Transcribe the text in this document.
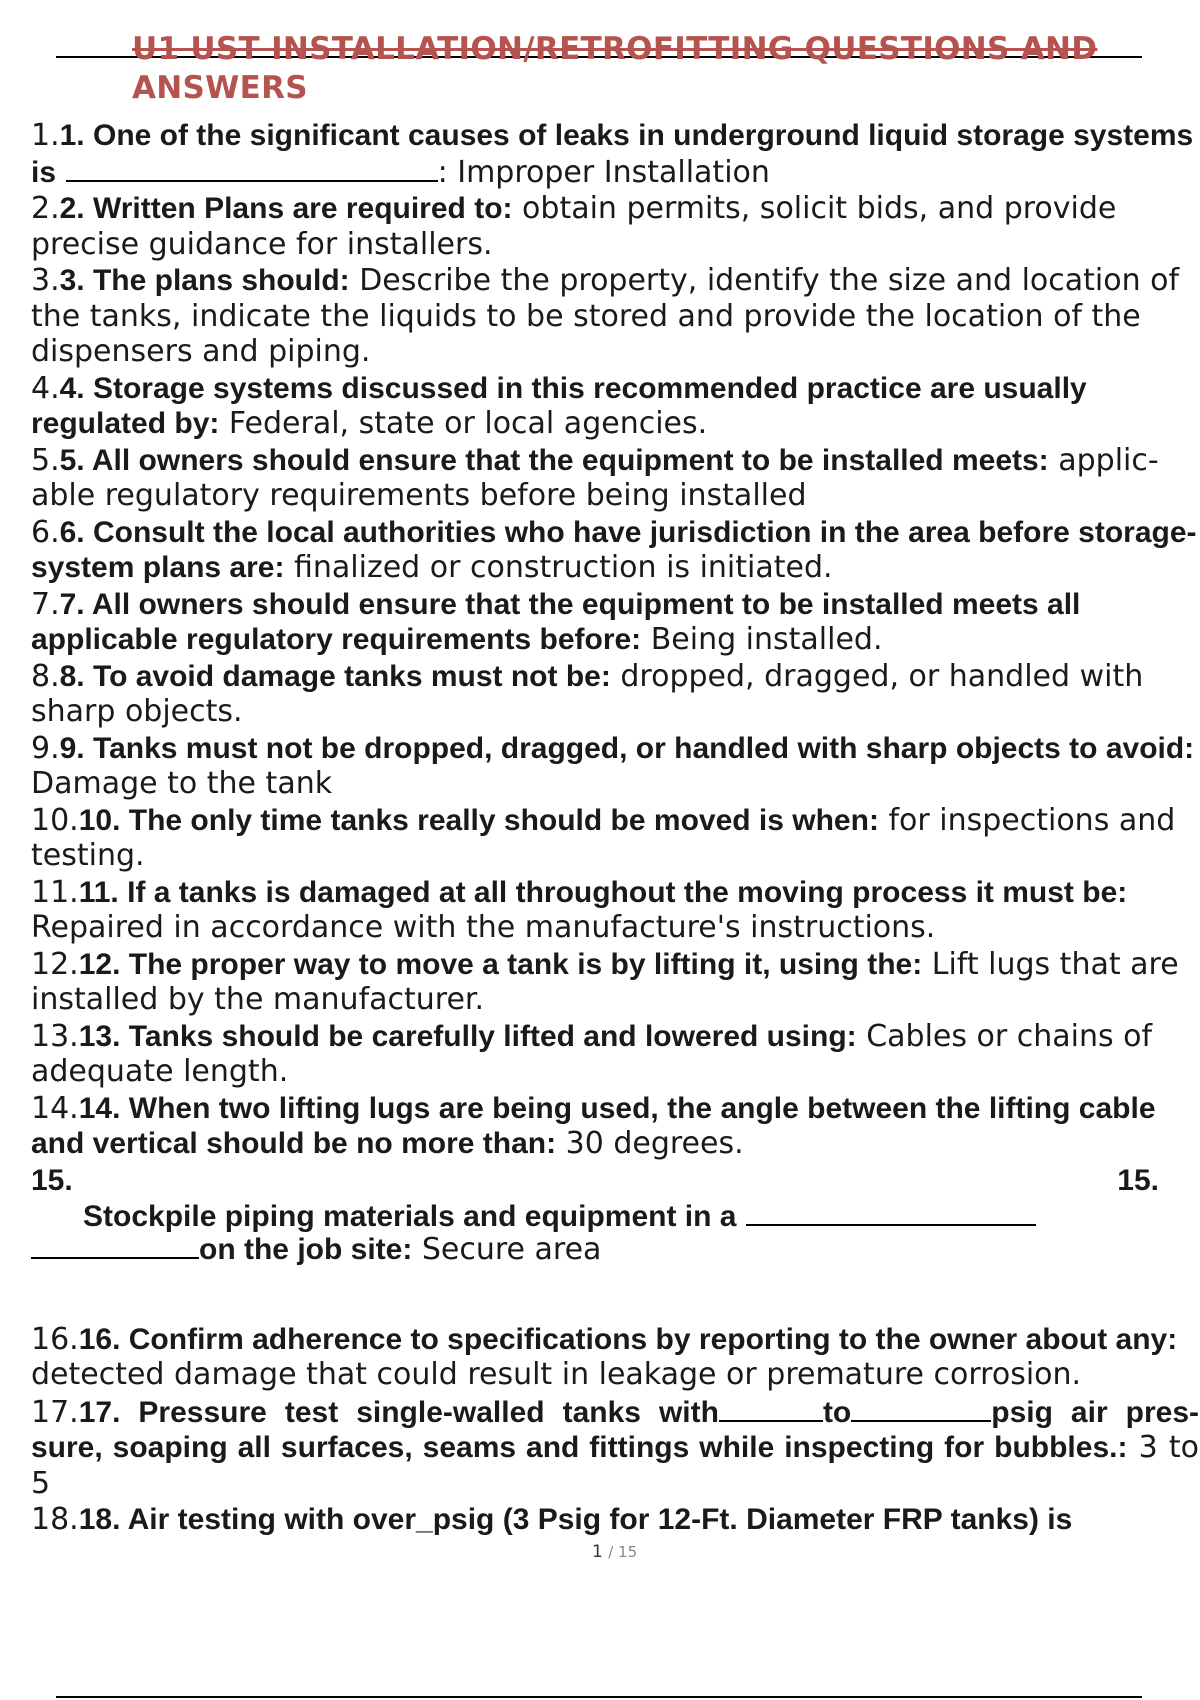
U1 UST INSTALLATION/RETROFITTING QUESTIONS AND
ANSWERS
1.1. One of the significant causes of leaks in underground liquid storage systems is	: Improper Installation
2.2. Written Plans are required to: obtain permits, solicit bids, and provide precise guidance for installers.
3.3. The plans should: Describe the property, identify the size and location of the tanks, indicate the liquids to be stored and provide the location of the dispensers and piping.
4.4. Storage systems discussed in this recommended practice are usually regulated by: Federal, state or local agencies.
5.5. All owners should ensure that the equipment to be installed meets: applic- able regulatory requirements before being installed
6.6. Consult the local authorities who have jurisdiction in the area before storage-system plans are: finalized or construction is initiated.
7.7. All owners should ensure that the equipment to be installed meets all applicable regulatory requirements before: Being installed.
8.8. To avoid damage tanks must not be: dropped, dragged, or handled with sharp objects.
9.9. Tanks must not be dropped, dragged, or handled with sharp objects to avoid: Damage to the tank
10.10. The only time tanks really should be moved is when: for inspections and testing.
11.11. If a tanks is damaged at all throughout the moving process it must be: Repaired in accordance with the manufacture's instructions.
12.12. The proper way to move a tank is by lifting it, using the: Lift lugs that are installed by the manufacturer.
13.13. Tanks should be carefully lifted and lowered using: Cables or chains of adequate length.
14.14. When two lifting lugs are being used, the angle between the lifting cable and vertical should be no more than: 30 degrees.
15.	15.
Stockpile piping materials and equipment in a
on the job site: Secure area
16.16. Confirm adherence to specifications by reporting to the owner about any: detected damage that could result in leakage or premature corrosion.
17.17. Pressure test single-walled tanks with	to	psig air pres- sure, soaping all surfaces, seams and fittings while inspecting for bubbles.: 3 to 5
18.18. Air testing with over_psig (3 Psig for 12-Ft. Diameter FRP tanks) is
1 / 15
